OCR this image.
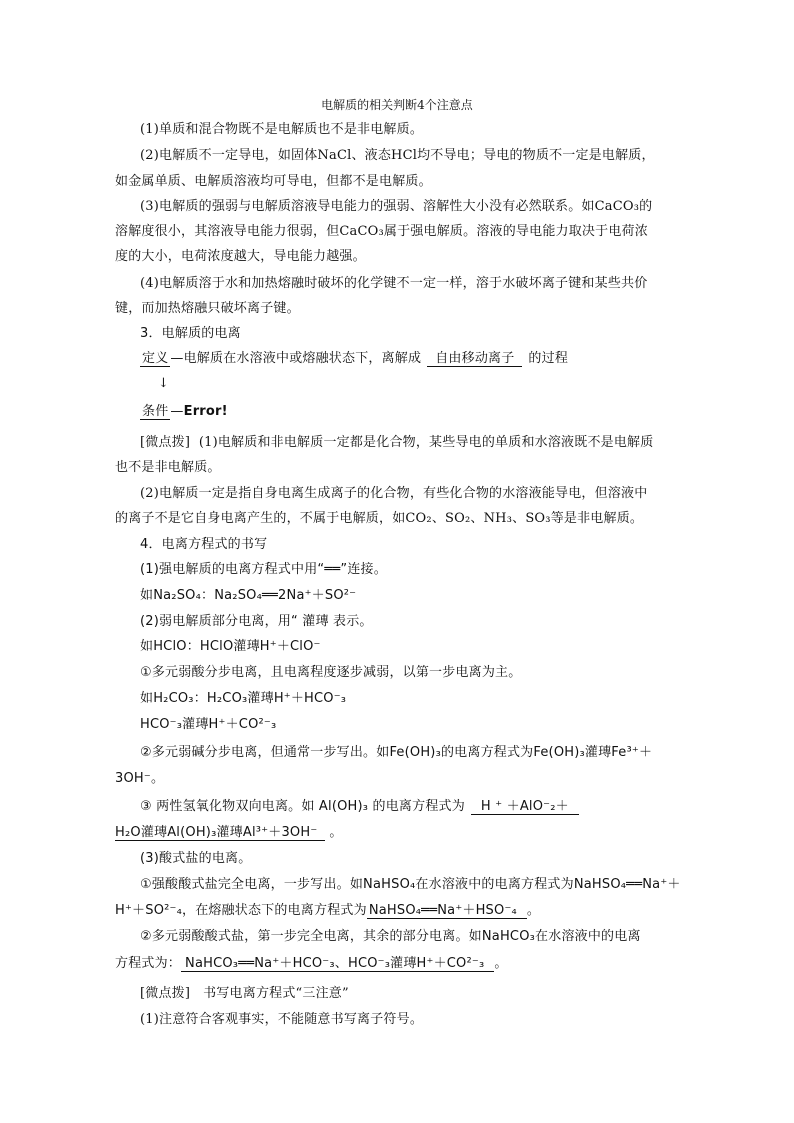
电解质的相关判断4个注意点
(1)单质和混合物既不是电解质也不是非电解质。
(2)电解质不一定导电，如固体NaCl、液态HCl均不导电；导电的物质不一定是电解质，
如金属单质、电解质溶液均可导电，但都不是电解质。
(3)电解质的强弱与电解质溶液导电能力的强弱、溶解性大小没有必然联系。如CaCO₃的
溶解度很小，其溶液导电能力很弱，但CaCO₃属于强电解质。溶液的导电能力取决于电荷浓
度的大小，电荷浓度越大，导电能力越强。
(4)电解质溶于水和加热熔融时破坏的化学键不一定一样，溶于水破坏离子键和某些共价
键，而加热熔融只破坏离子键。
3．电解质的电离
定义 —电解质在水溶液中或熔融状态下，离解成 自由移动离子 的过程
↓
条件 —Error!
[微点拨] (1)电解质和非电解质一定都是化合物，某些导电的单质和水溶液既不是电解质
也不是非电解质。
(2)电解质一定是指自身电离生成离子的化合物，有些化合物的水溶液能导电，但溶液中
的离子不是它自身电离产生的，不属于电解质，如CO₂、SO₂、NH₃、SO₃等是非电解质。
4．电离方程式的书写
(1)强电解质的电离方程式中用“══”连接。
如Na₂SO₄：Na₂SO₄══2Na⁺＋SO²⁻
(2)弱电解质部分电离，用“ 灌瑼 表示。
如HClO：HClO灌瑼H⁺＋ClO⁻
①多元弱酸分步电离，且电离程度逐步减弱，以第一步电离为主。
如H₂CO₃：H₂CO₃灌瑼H⁺＋HCO⁻₃
HCO⁻₃灌瑼H⁺＋CO²⁻₃
②多元弱碱分步电离，但通常一步写出。如Fe(OH)₃的电离方程式为Fe(OH)₃灌瑼Fe³⁺＋
3OH⁻。
③ 两性氢氧化物双向电离。如 Al(OH)₃ 的电离方程式为 H ⁺ ＋AlO⁻₂＋
H₂O灌瑼Al(OH)₃灌瑼Al³⁺＋3OH⁻ 。
(3)酸式盐的电离。
①强酸酸式盐完全电离，一步写出。如NaHSO₄在水溶液中的电离方程式为NaHSO₄══Na⁺＋
H⁺＋SO²⁻₄，在熔融状态下的电离方程式为 NaHSO₄══Na⁺＋HSO⁻₄ 。
②多元弱酸酸式盐，第一步完全电离，其余的部分电离。如NaHCO₃在水溶液中的电离
方程式为： NaHCO₃══Na⁺＋HCO⁻₃、HCO⁻₃灌瑼H⁺＋CO²⁻₃ 。
[微点拨] 书写电离方程式“三注意”
(1)注意符合客观事实，不能随意书写离子符号。
